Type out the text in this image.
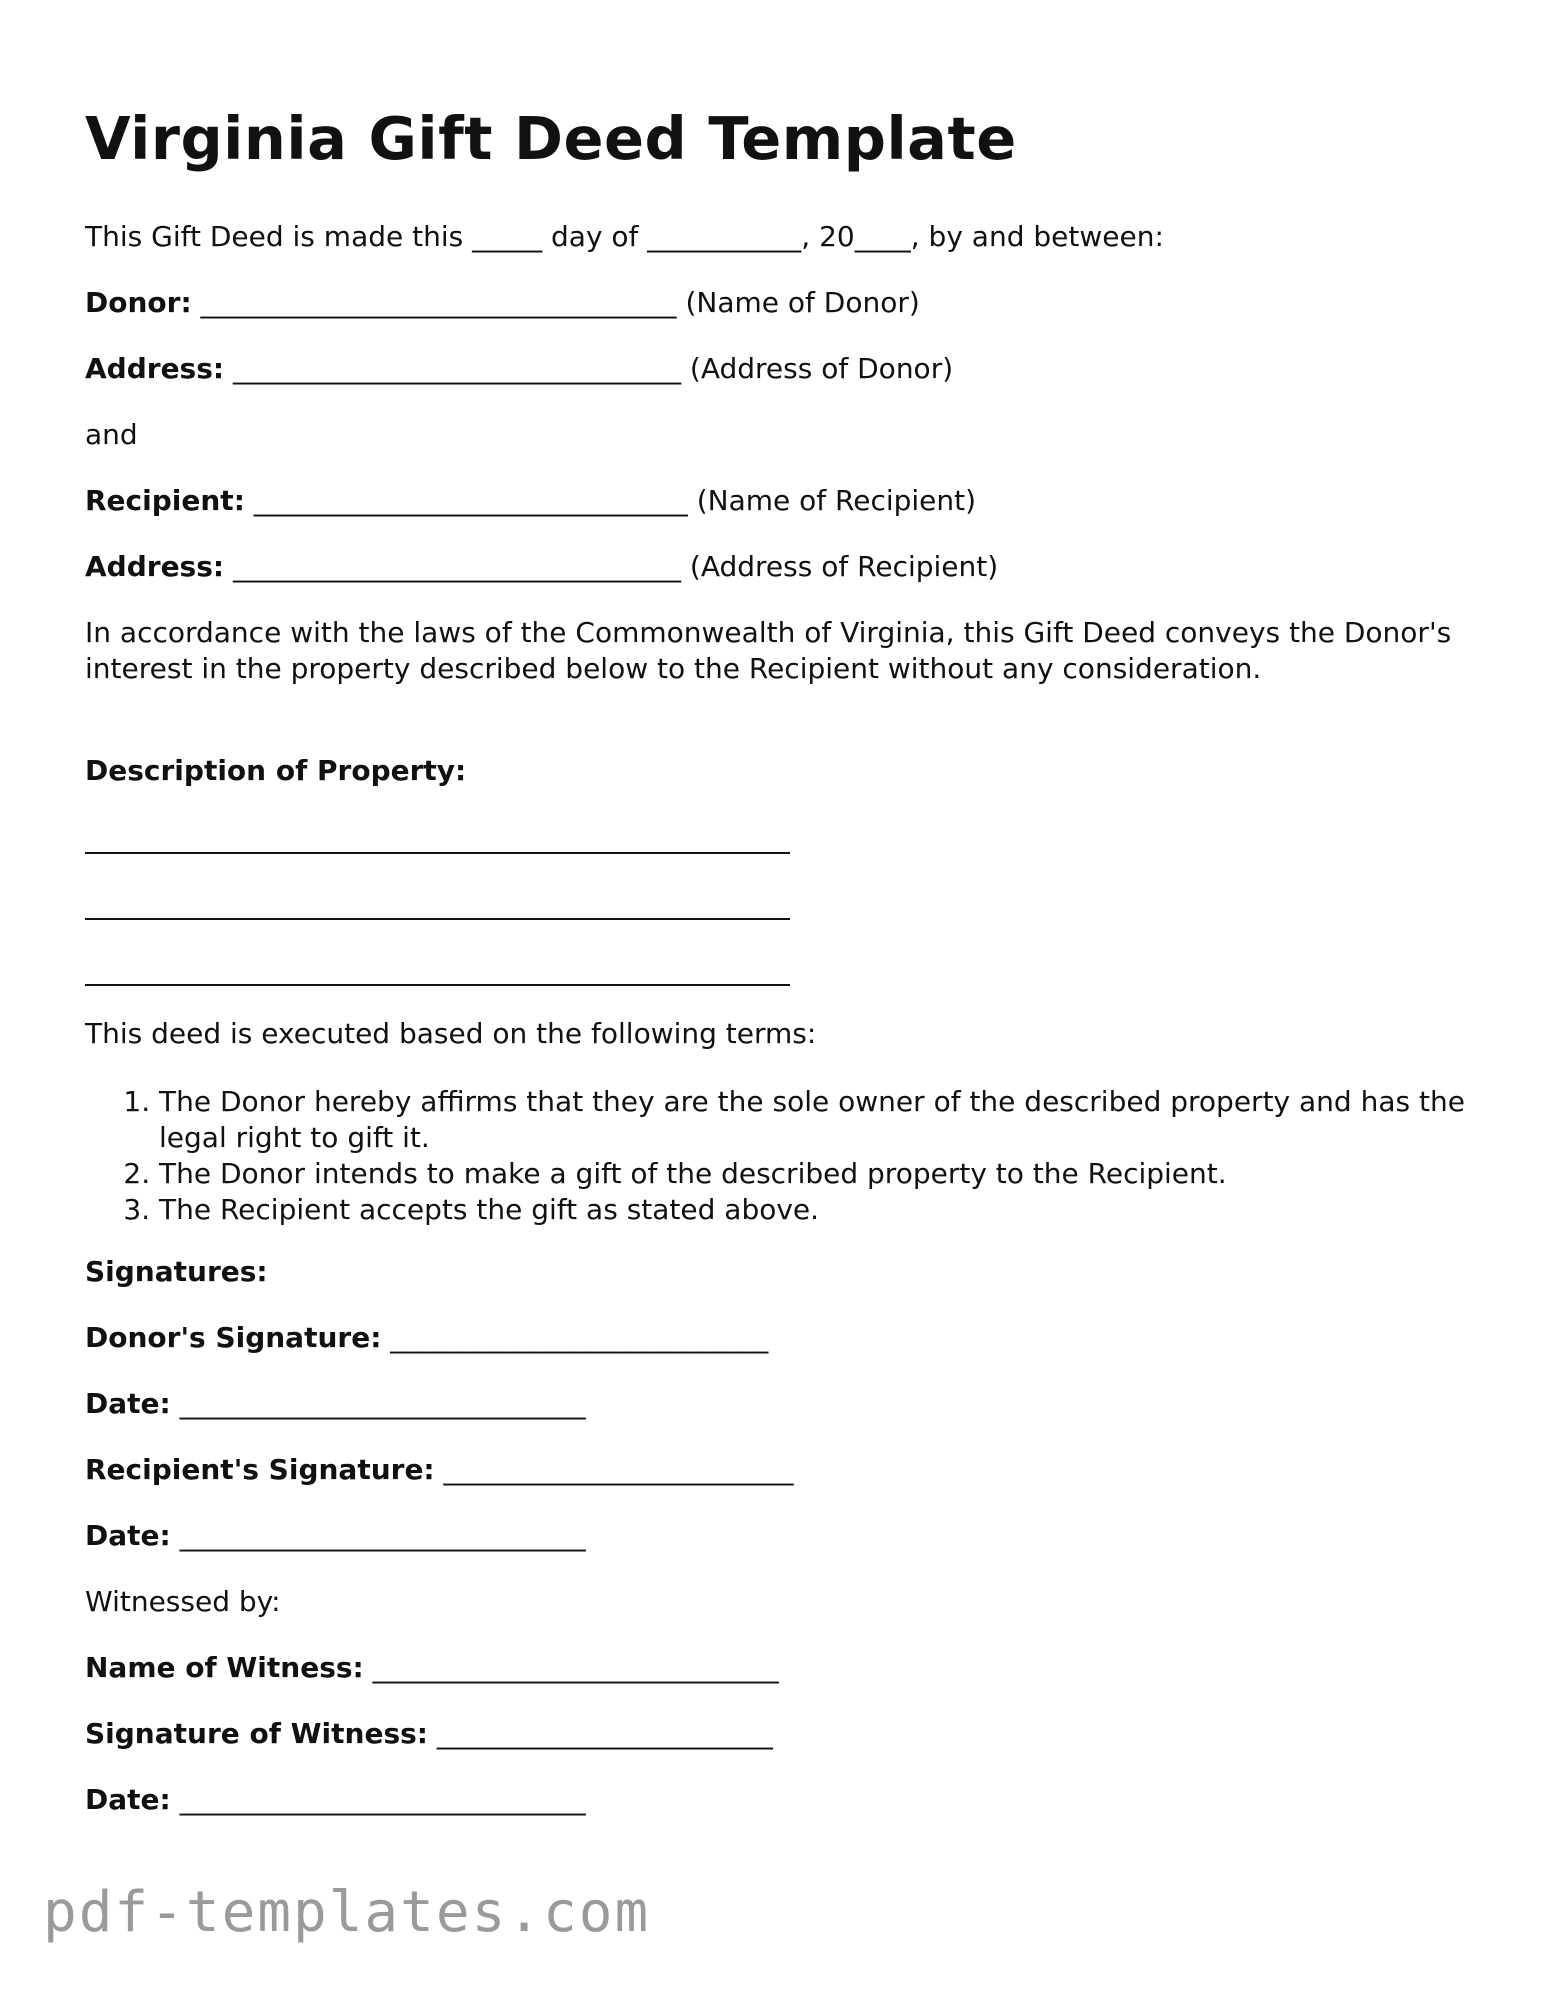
Virginia Gift Deed Template
This Gift Deed is made this _____ day of ___________, 20____, by and between:
Donor: __________________________________ (Name of Donor)
Address: ________________________________ (Address of Donor)
and
Recipient: _______________________________ (Name of Recipient)
Address: ________________________________ (Address of Recipient)
In accordance with the laws of the Commonwealth of Virginia, this Gift Deed conveys the Donor's interest in the property described below to the Recipient without any consideration.
Description of Property:
This deed is executed based on the following terms:
1. The Donor hereby affirms that they are the sole owner of the described property and has the legal right to gift it.
2. The Donor intends to make a gift of the described property to the Recipient.
3. The Recipient accepts the gift as stated above.
Signatures:
Donor's Signature: ___________________________
Date: _____________________________
Recipient's Signature: _________________________
Date: _____________________________
Witnessed by:
Name of Witness: _____________________________
Signature of Witness: ________________________
Date: _____________________________
pdf-templates.com
